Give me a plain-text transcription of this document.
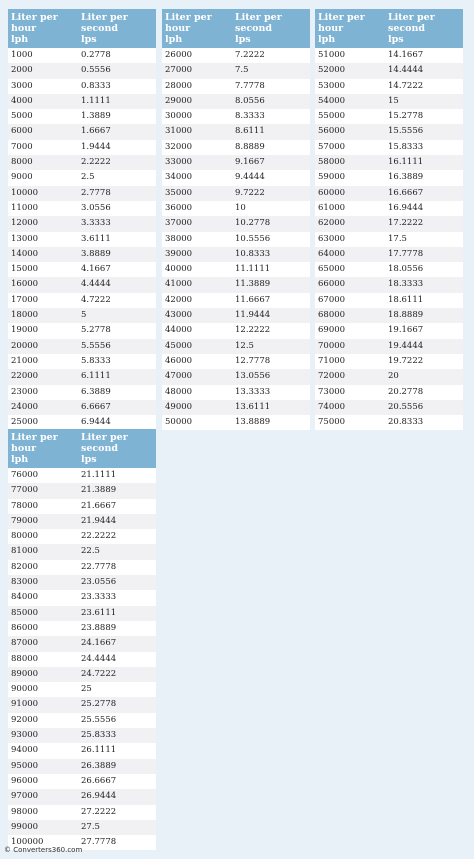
Liter per hour
lph	Liter per second
lps
1000	0.2778
2000	0.5556
3000	0.8333
4000	1.1111
5000	1.3889
6000	1.6667
7000	1.9444
8000	2.2222
9000	2.5
10000	2.7778
11000	3.0556
12000	3.3333
13000	3.6111
14000	3.8889
15000	4.1667
16000	4.4444
17000	4.7222
18000	5
19000	5.2778
20000	5.5556
21000	5.8333
22000	6.1111
23000	6.3889
24000	6.6667
25000	6.9444
Liter per hour
lph	Liter per second
lps
26000	7.2222
27000	7.5
28000	7.7778
29000	8.0556
30000	8.3333
31000	8.6111
32000	8.8889
33000	9.1667
34000	9.4444
35000	9.7222
36000	10
37000	10.2778
38000	10.5556
39000	10.8333
40000	11.1111
41000	11.3889
42000	11.6667
43000	11.9444
44000	12.2222
45000	12.5
46000	12.7778
47000	13.0556
48000	13.3333
49000	13.6111
50000	13.8889
Liter per hour
lph	Liter per second
lps
51000	14.1667
52000	14.4444
53000	14.7222
54000	15
55000	15.2778
56000	15.5556
57000	15.8333
58000	16.1111
59000	16.3889
60000	16.6667
61000	16.9444
62000	17.2222
63000	17.5
64000	17.7778
65000	18.0556
66000	18.3333
67000	18.6111
68000	18.8889
69000	19.1667
70000	19.4444
71000	19.7222
72000	20
73000	20.2778
74000	20.5556
75000	20.8333
Liter per hour
lph	Liter per second
lps
76000	21.1111
77000	21.3889
78000	21.6667
79000	21.9444
80000	22.2222
81000	22.5
82000	22.7778
83000	23.0556
84000	23.3333
85000	23.6111
86000	23.8889
87000	24.1667
88000	24.4444
89000	24.7222
90000	25
91000	25.2778
92000	25.5556
93000	25.8333
94000	26.1111
95000	26.3889
96000	26.6667
97000	26.9444
98000	27.2222
99000	27.5
100000	27.7778
© Converters360.com
